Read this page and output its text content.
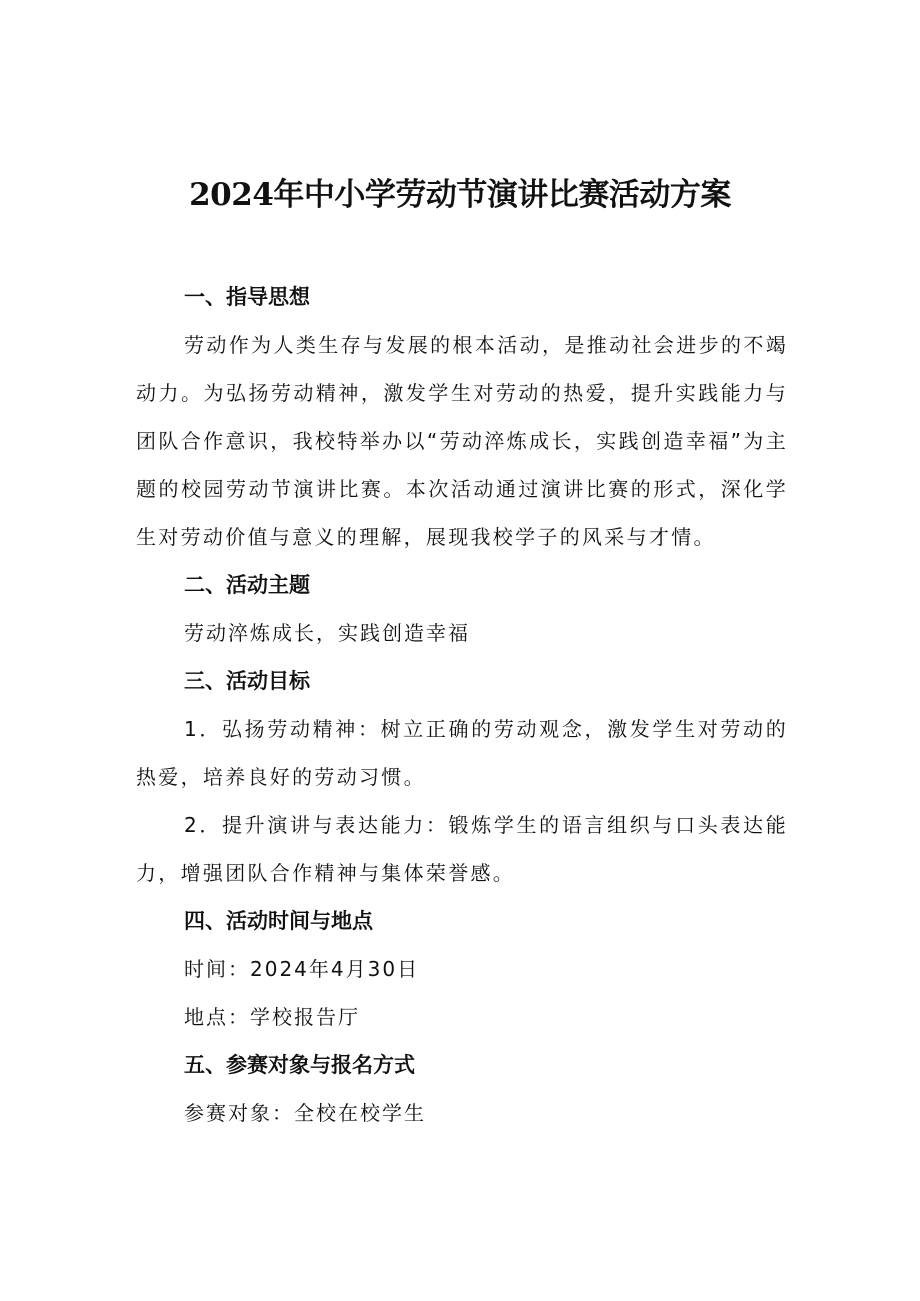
2024年中小学劳动节演讲比赛活动方案
一、指导思想

劳动作为人类生存与发展的根本活动，是推动社会进步的不竭动力。为弘扬劳动精神，激发学生对劳动的热爱，提升实践能力与团队合作意识，我校特举办以“劳动淬炼成长，实践创造幸福”为主题的校园劳动节演讲比赛。本次活动通过演讲比赛的形式，深化学生对劳动价值与意义的理解，展现我校学子的风采与才情。

二、活动主题

劳动淬炼成长，实践创造幸福

三、活动目标

1．弘扬劳动精神：树立正确的劳动观念，激发学生对劳动的热爱，培养良好的劳动习惯。

2．提升演讲与表达能力：锻炼学生的语言组织与口头表达能力，增强团队合作精神与集体荣誉感。

四、活动时间与地点

时间：2024年4月30日

地点：学校报告厅

五、参赛对象与报名方式

参赛对象：全校在校学生
